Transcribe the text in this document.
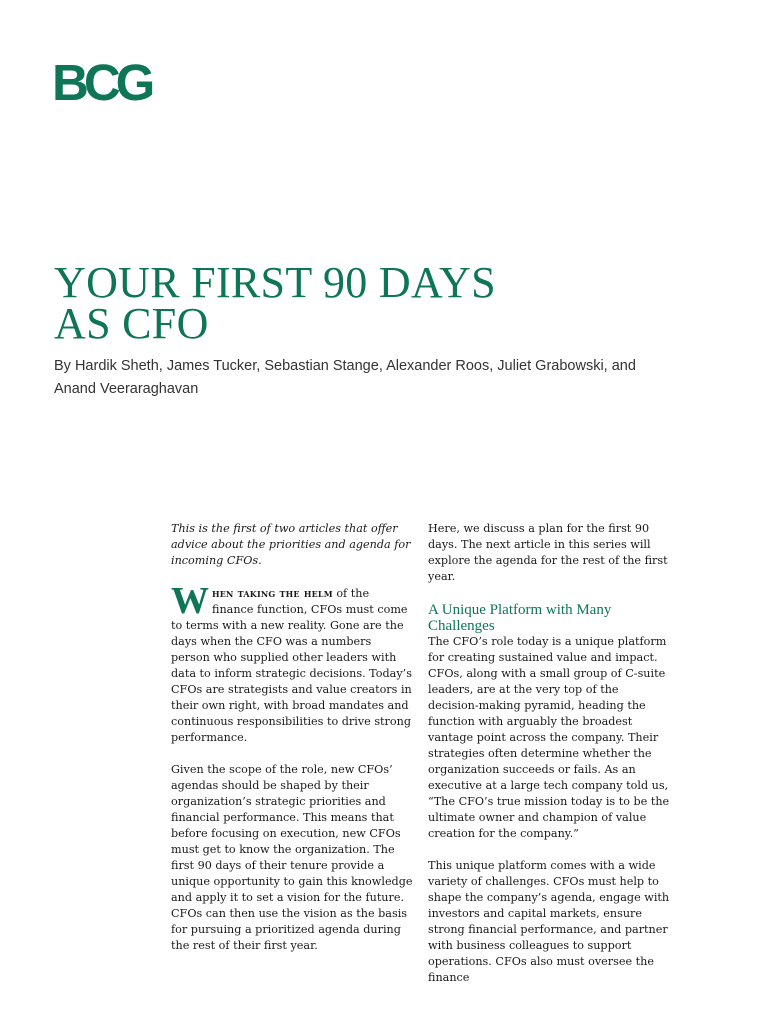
BCG
YOUR FIRST 90 DAYS
AS CFO

By Hardik Sheth, James Tucker, Sebastian Stange, Alexander Roos, Juliet Grabowski, and Anand Veeraraghavan

This is the first of two articles that offer advice about the priorities and agenda for incoming CFOs.

When taking the helm of the finance function, CFOs must come to terms with a new reality. Gone are the days when the CFO was a numbers person who supplied other leaders with data to inform strategic decisions. Today’s CFOs are strategists and value creators in their own right, with broad mandates and continuous responsibilities to drive strong performance.

Given the scope of the role, new CFOs’ agendas should be shaped by their organization’s strategic priorities and financial performance. This means that before focusing on execution, new CFOs must get to know the organization. The first 90 days of their tenure provide a unique opportunity to gain this knowledge and apply it to set a vision for the future. CFOs can then use the vision as the basis for pursuing a prioritized agenda during the rest of their first year.

Here, we discuss a plan for the first 90 days. The next article in this series will explore the agenda for the rest of the first year.

A Unique Platform with Many Challenges

The CFO’s role today is a unique platform for creating sustained value and impact. CFOs, along with a small group of C-suite leaders, are at the very top of the decision-making pyramid, heading the function with arguably the broadest vantage point across the company. Their strategies often determine whether the organization succeeds or fails. As an executive at a large tech company told us, “The CFO’s true mission today is to be the ultimate owner and champion of value creation for the company.”

This unique platform comes with a wide variety of challenges. CFOs must help to shape the company’s agenda, engage with investors and capital markets, ensure strong financial performance, and partner with business colleagues to support operations. CFOs also must oversee the finance
